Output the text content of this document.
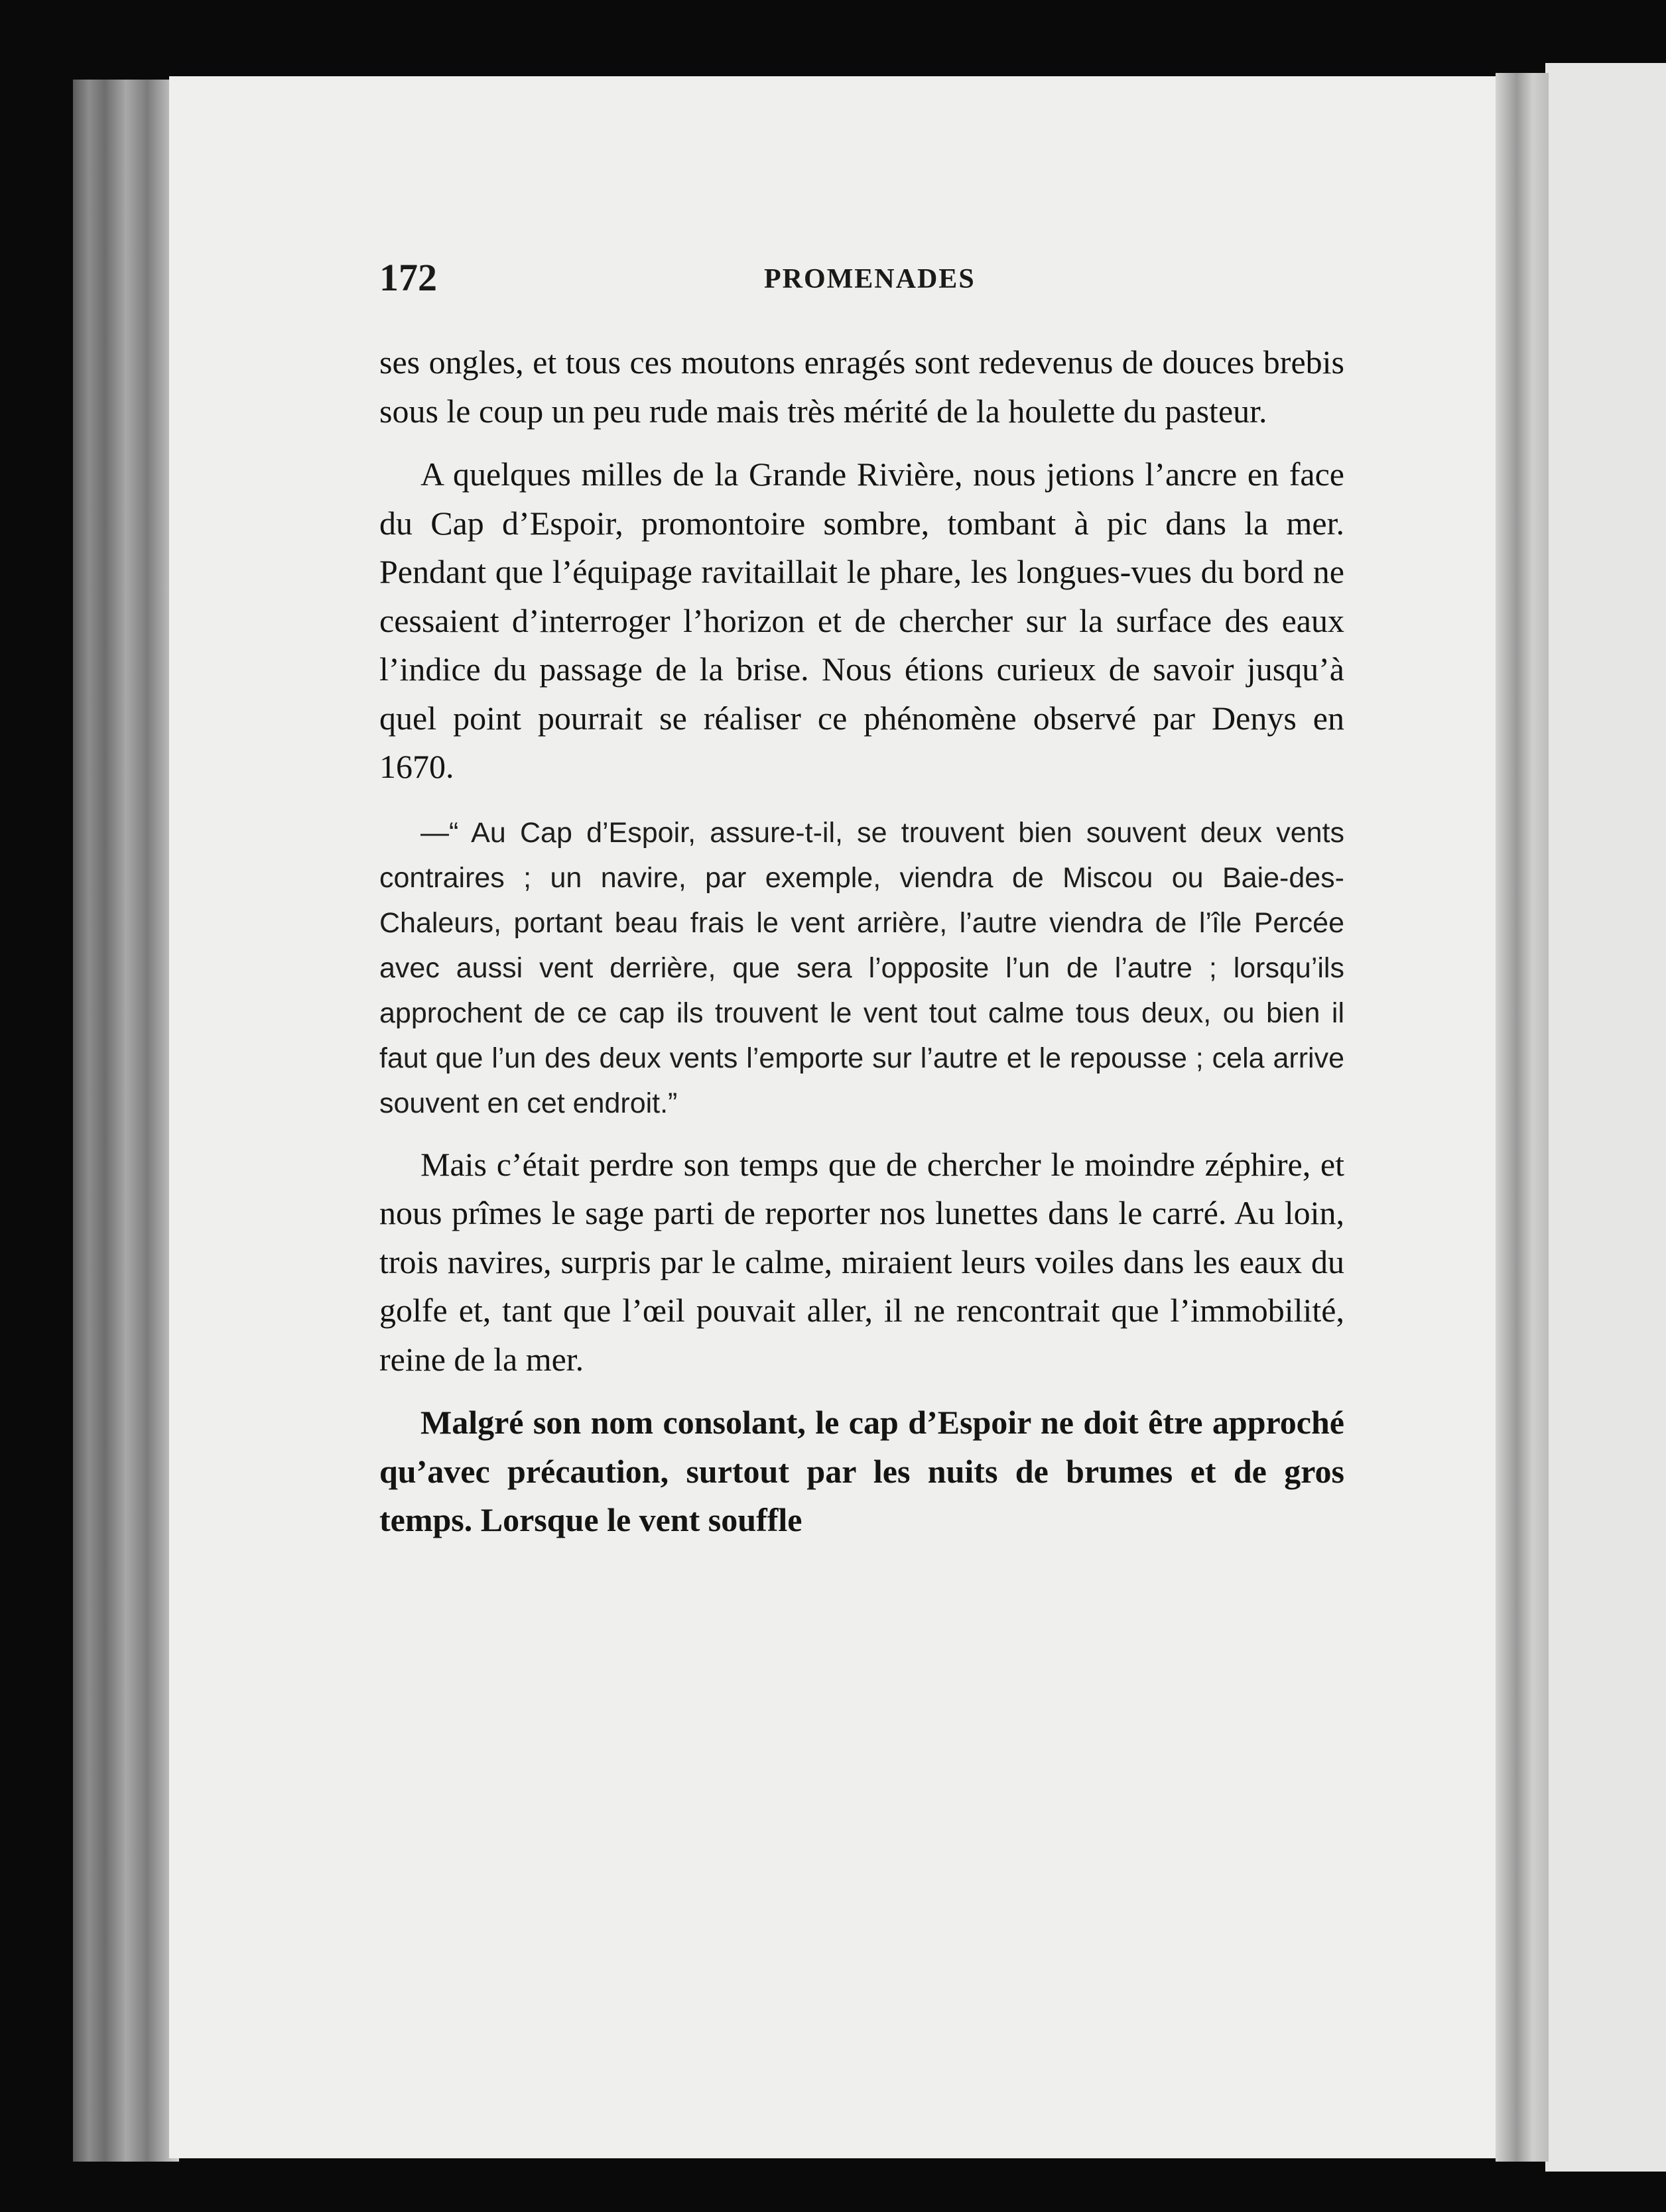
172	PROMENADES

ses ongles, et tous ces moutons enragés sont redevenus de douces brebis sous le coup un peu rude mais très mérité de la houlette du pasteur.

A quelques milles de la Grande Rivière, nous jetions l’ancre en face du Cap d’Espoir, promontoire sombre, tombant à pic dans la mer. Pendant que l’équipage ravitaillait le phare, les longues-vues du bord ne cessaient d’interroger l’horizon et de chercher sur la surface des eaux l’indice du passage de la brise. Nous étions curieux de savoir jusqu’à quel point pourrait se réaliser ce phénomène observé par Denys en 1670.

—“ Au Cap d’Espoir, assure-t-il, se trouvent bien souvent deux vents contraires ; un navire, par exemple, viendra de Miscou ou Baie-des-Chaleurs, portant beau frais le vent arrière, l’autre viendra de l’île Percée avec aussi vent derrière, que sera l’opposite l’un de l’autre ; lorsqu’ils approchent de ce cap ils trouvent le vent tout calme tous deux, ou bien il faut que l’un des deux vents l’emporte sur l’autre et le repousse ; cela arrive souvent en cet endroit.”

Mais c’était perdre son temps que de chercher le moindre zéphire, et nous prîmes le sage parti de reporter nos lunettes dans le carré. Au loin, trois navires, surpris par le calme, miraient leurs voiles dans les eaux du golfe et, tant que l’œil pouvait aller, il ne rencontrait que l’immobilité, reine de la mer.

Malgré son nom consolant, le cap d’Espoir ne doit être approché qu’avec précaution, surtout par les nuits de brumes et de gros temps. Lorsque le vent souffle
